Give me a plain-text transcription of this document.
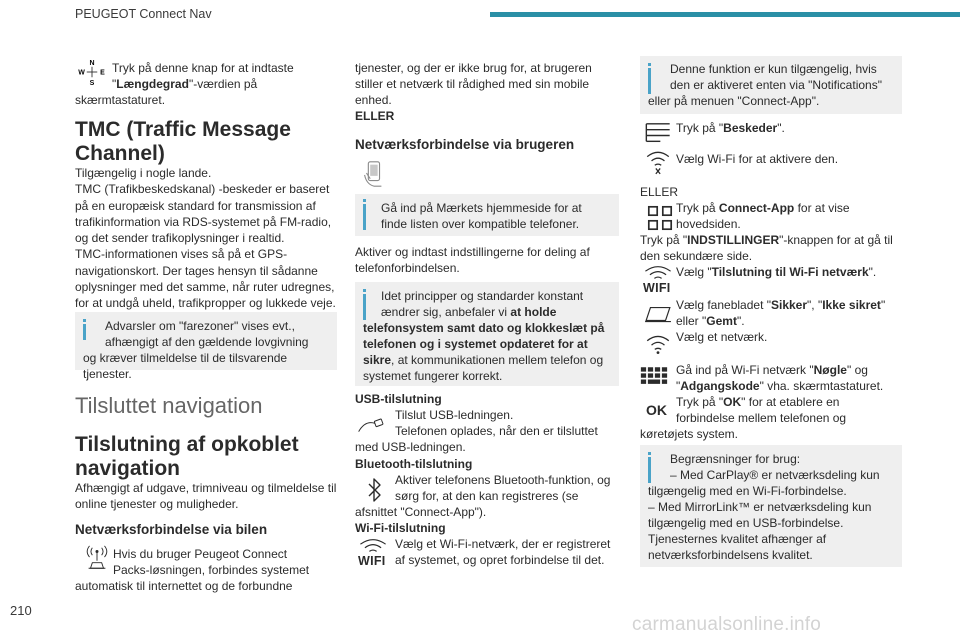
PEUGEOT Connect Nav
N
S
W E Tryk på denne knap for at indtaste

"Længdegrad"-værdien på

skærmtastaturet.

TMC (Traffic Message
Channel)

Tilgængelig i nogle lande.

TMC (Trafikbeskedskanal) -beskeder er baseret

på en europæisk standard for transmission af

trafikinformation via RDS-systemet på FM-radio,

og det sender trafikoplysninger i realtid.

TMC-informationen vises så på et GPS-

navigationskort. Der tages hensyn til sådanne

oplysninger med det samme, når ruter udregnes,

for at undgå uheld, trafikpropper og lukkede veje.

Advarsler om "farezoner" vises evt.,

afhængigt af den gældende lovgivning

og kræver tilmeldelse til de tilsvarende tjenester.

Tilsluttet navigation
Tilslutning af opkoblet
navigation

Afhængigt af udgave, trimniveau og tilmeldelse til

online tjenester og muligheder.

Netværksforbindelse via bilen

Hvis du bruger Peugeot Connect

Packs-løsningen, forbindes systemet

automatisk til internettet og de forbundne

tjenester, og der er ikke brug for, at brugeren

stiller et netværk til rådighed med sin mobile

enhed.

ELLER

Netværksforbindelse via brugeren

Gå ind på Mærkets hjemmeside for at

finde listen over kompatible telefoner.

Aktiver og indtast indstillingerne for deling af

telefonforbindelsen.

Idet principper og standarder konstant

ændrer sig, anbefaler vi at holde

telefonsystem samt dato og klokkeslæt på

telefonen og i systemet opdateret for at

sikre, at kommunikationen mellem telefon og

systemet fungerer korrekt.

USB-tilslutning

Tilslut USB-ledningen.

Telefonen oplades, når den er tilsluttet

med USB-ledningen.

Bluetooth-tilslutning

Aktiver telefonens Bluetooth-funktion, og

sørg for, at den kan registreres (se

afsnittet "Connect-App").

Wi-Fi-tilslutning

WIFI

Vælg et Wi-Fi-netværk, der er registreret

af systemet, og opret forbindelse til det.

Denne funktion er kun tilgængelig, hvis

den er aktiveret enten via "Notifications"

eller på menuen "Connect-App".

Tryk på "Beskeder".

Vælg Wi-Fi for at aktivere den.

ELLER

Tryk på Connect-App for at vise

hovedsiden.

Tryk på "INDSTILLINGER"-knappen for at gå til

den sekundære side.

WIFI

Vælg "Tilslutning til Wi-Fi netværk".

Vælg fanebladet "Sikker", "Ikke sikret"

eller "Gemt".

Vælg et netværk.

Gå ind på Wi-Fi netværk "Nøgle" og

"Adgangskode" vha. skærmtastaturet.

OK Tryk på "OK" for at etablere en

forbindelse mellem telefonen og

køretøjets system.

Begrænsninger for brug:

– Med CarPlay® er netværksdeling kun

tilgængelig med en Wi-Fi-forbindelse.

– Med MirrorLink™ er netværksdeling kun

tilgængelig med en USB-forbindelse.

Tjenesternes kvalitet afhænger af

netværksforbindelsens kvalitet.

210
carmanualsonline.info
